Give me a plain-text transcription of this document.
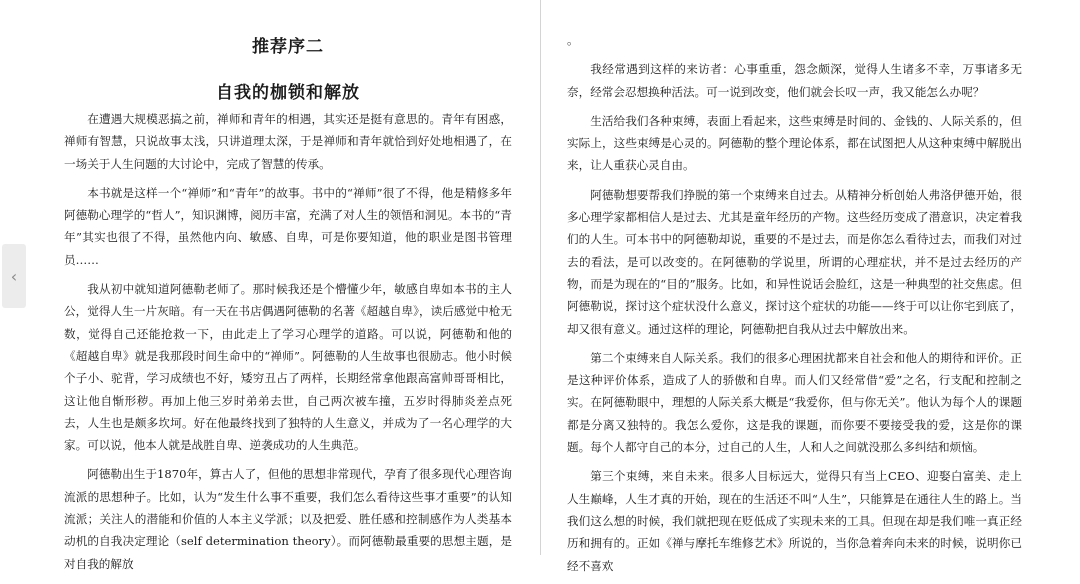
推荐序二
自我的枷锁和解放

在遭遇大规模恶搞之前，禅师和青年的相遇，其实还是挺有意思的。青年有困惑，禅师有智慧，只说故事太浅，只讲道理太深，于是禅师和青年就恰到好处地相遇了，在一场关于人生问题的大讨论中，完成了智慧的传承。

本书就是这样一个“禅师”和“青年”的故事。书中的“禅师”很了不得，他是精修多年阿德勒心理学的“哲人”，知识渊博，阅历丰富，充满了对人生的领悟和洞见。本书的“青年”其实也很了不得，虽然他内向、敏感、自卑，可是你要知道，他的职业是图书管理员……

我从初中就知道阿德勒老师了。那时候我还是个懵懂少年，敏感自卑如本书的主人公，觉得人生一片灰暗。有一天在书店偶遇阿德勒的名著《超越自卑》，读后感觉中枪无数，觉得自己还能抢救一下，由此走上了学习心理学的道路。可以说，阿德勒和他的《超越自卑》就是我那段时间生命中的“禅师”。阿德勒的人生故事也很励志。他小时候个子小、驼背，学习成绩也不好，矮穷丑占了两样，长期经常拿他跟高富帅哥哥相比，这让他自惭形秽。再加上他三岁时弟弟去世，自己两次被车撞，五岁时得肺炎差点死去，人生也是颇多坎坷。好在他最终找到了独特的人生意义，并成为了一名心理学的大家。可以说，他本人就是战胜自卑、逆袭成功的人生典范。

阿德勒出生于1870年，算古人了，但他的思想非常现代，孕育了很多现代心理咨询流派的思想种子。比如，认为“发生什么事不重要，我们怎么看待这些事才重要”的认知流派；关注人的潜能和价值的人本主义学派；以及把爱、胜任感和控制感作为人类基本动机的自我决定理论（self determination theory）。而阿德勒最重要的思想主题，是对自我的解放

。

我经常遇到这样的来访者：心事重重，怨念颇深，觉得人生诸多不幸，万事诸多无奈，经常会忍想换种活法。可一说到改变，他们就会长叹一声，我又能怎么办呢？

生活给我们各种束缚，表面上看起来，这些束缚是时间的、金钱的、人际关系的，但实际上，这些束缚是心灵的。阿德勒的整个理论体系，都在试图把人从这种束缚中解脱出来，让人重获心灵自由。

阿德勒想要帮我们挣脱的第一个束缚来自过去。从精神分析创始人弗洛伊德开始，很多心理学家都相信人是过去、尤其是童年经历的产物。这些经历变成了潜意识，决定着我们的人生。可本书中的阿德勒却说，重要的不是过去，而是你怎么看待过去，而我们对过去的看法，是可以改变的。在阿德勒的学说里，所谓的心理症状，并不是过去经历的产物，而是为现在的“目的”服务。比如，和异性说话会脸红，这是一种典型的社交焦虑。但阿德勒说，探讨这个症状没什么意义，探讨这个症状的功能——终于可以让你宅到底了，却又很有意义。通过这样的理论，阿德勒把自我从过去中解放出来。

第二个束缚来自人际关系。我们的很多心理困扰都来自社会和他人的期待和评价。正是这种评价体系，造成了人的骄傲和自卑。而人们又经常借“爱”之名，行支配和控制之实。在阿德勒眼中，理想的人际关系大概是“我爱你，但与你无关”。他认为每个人的课题都是分离又独特的。我怎么爱你，这是我的课题，而你要不要接受我的爱，这是你的课题。每个人都守自己的本分，过自己的人生，人和人之间就没那么多纠结和烦恼。

第三个束缚，来自未来。很多人目标远大，觉得只有当上CEO、迎娶白富美、走上人生巅峰，人生才真的开始，现在的生活还不叫“人生”，只能算是在通往人生的路上。当我们这么想的时候，我们就把现在贬低成了实现未来的工具。但现在却是我们唯一真正经历和拥有的。正如《禅与摩托车维修艺术》所说的，当你急着奔向未来的时候，说明你已经不喜欢

‹
